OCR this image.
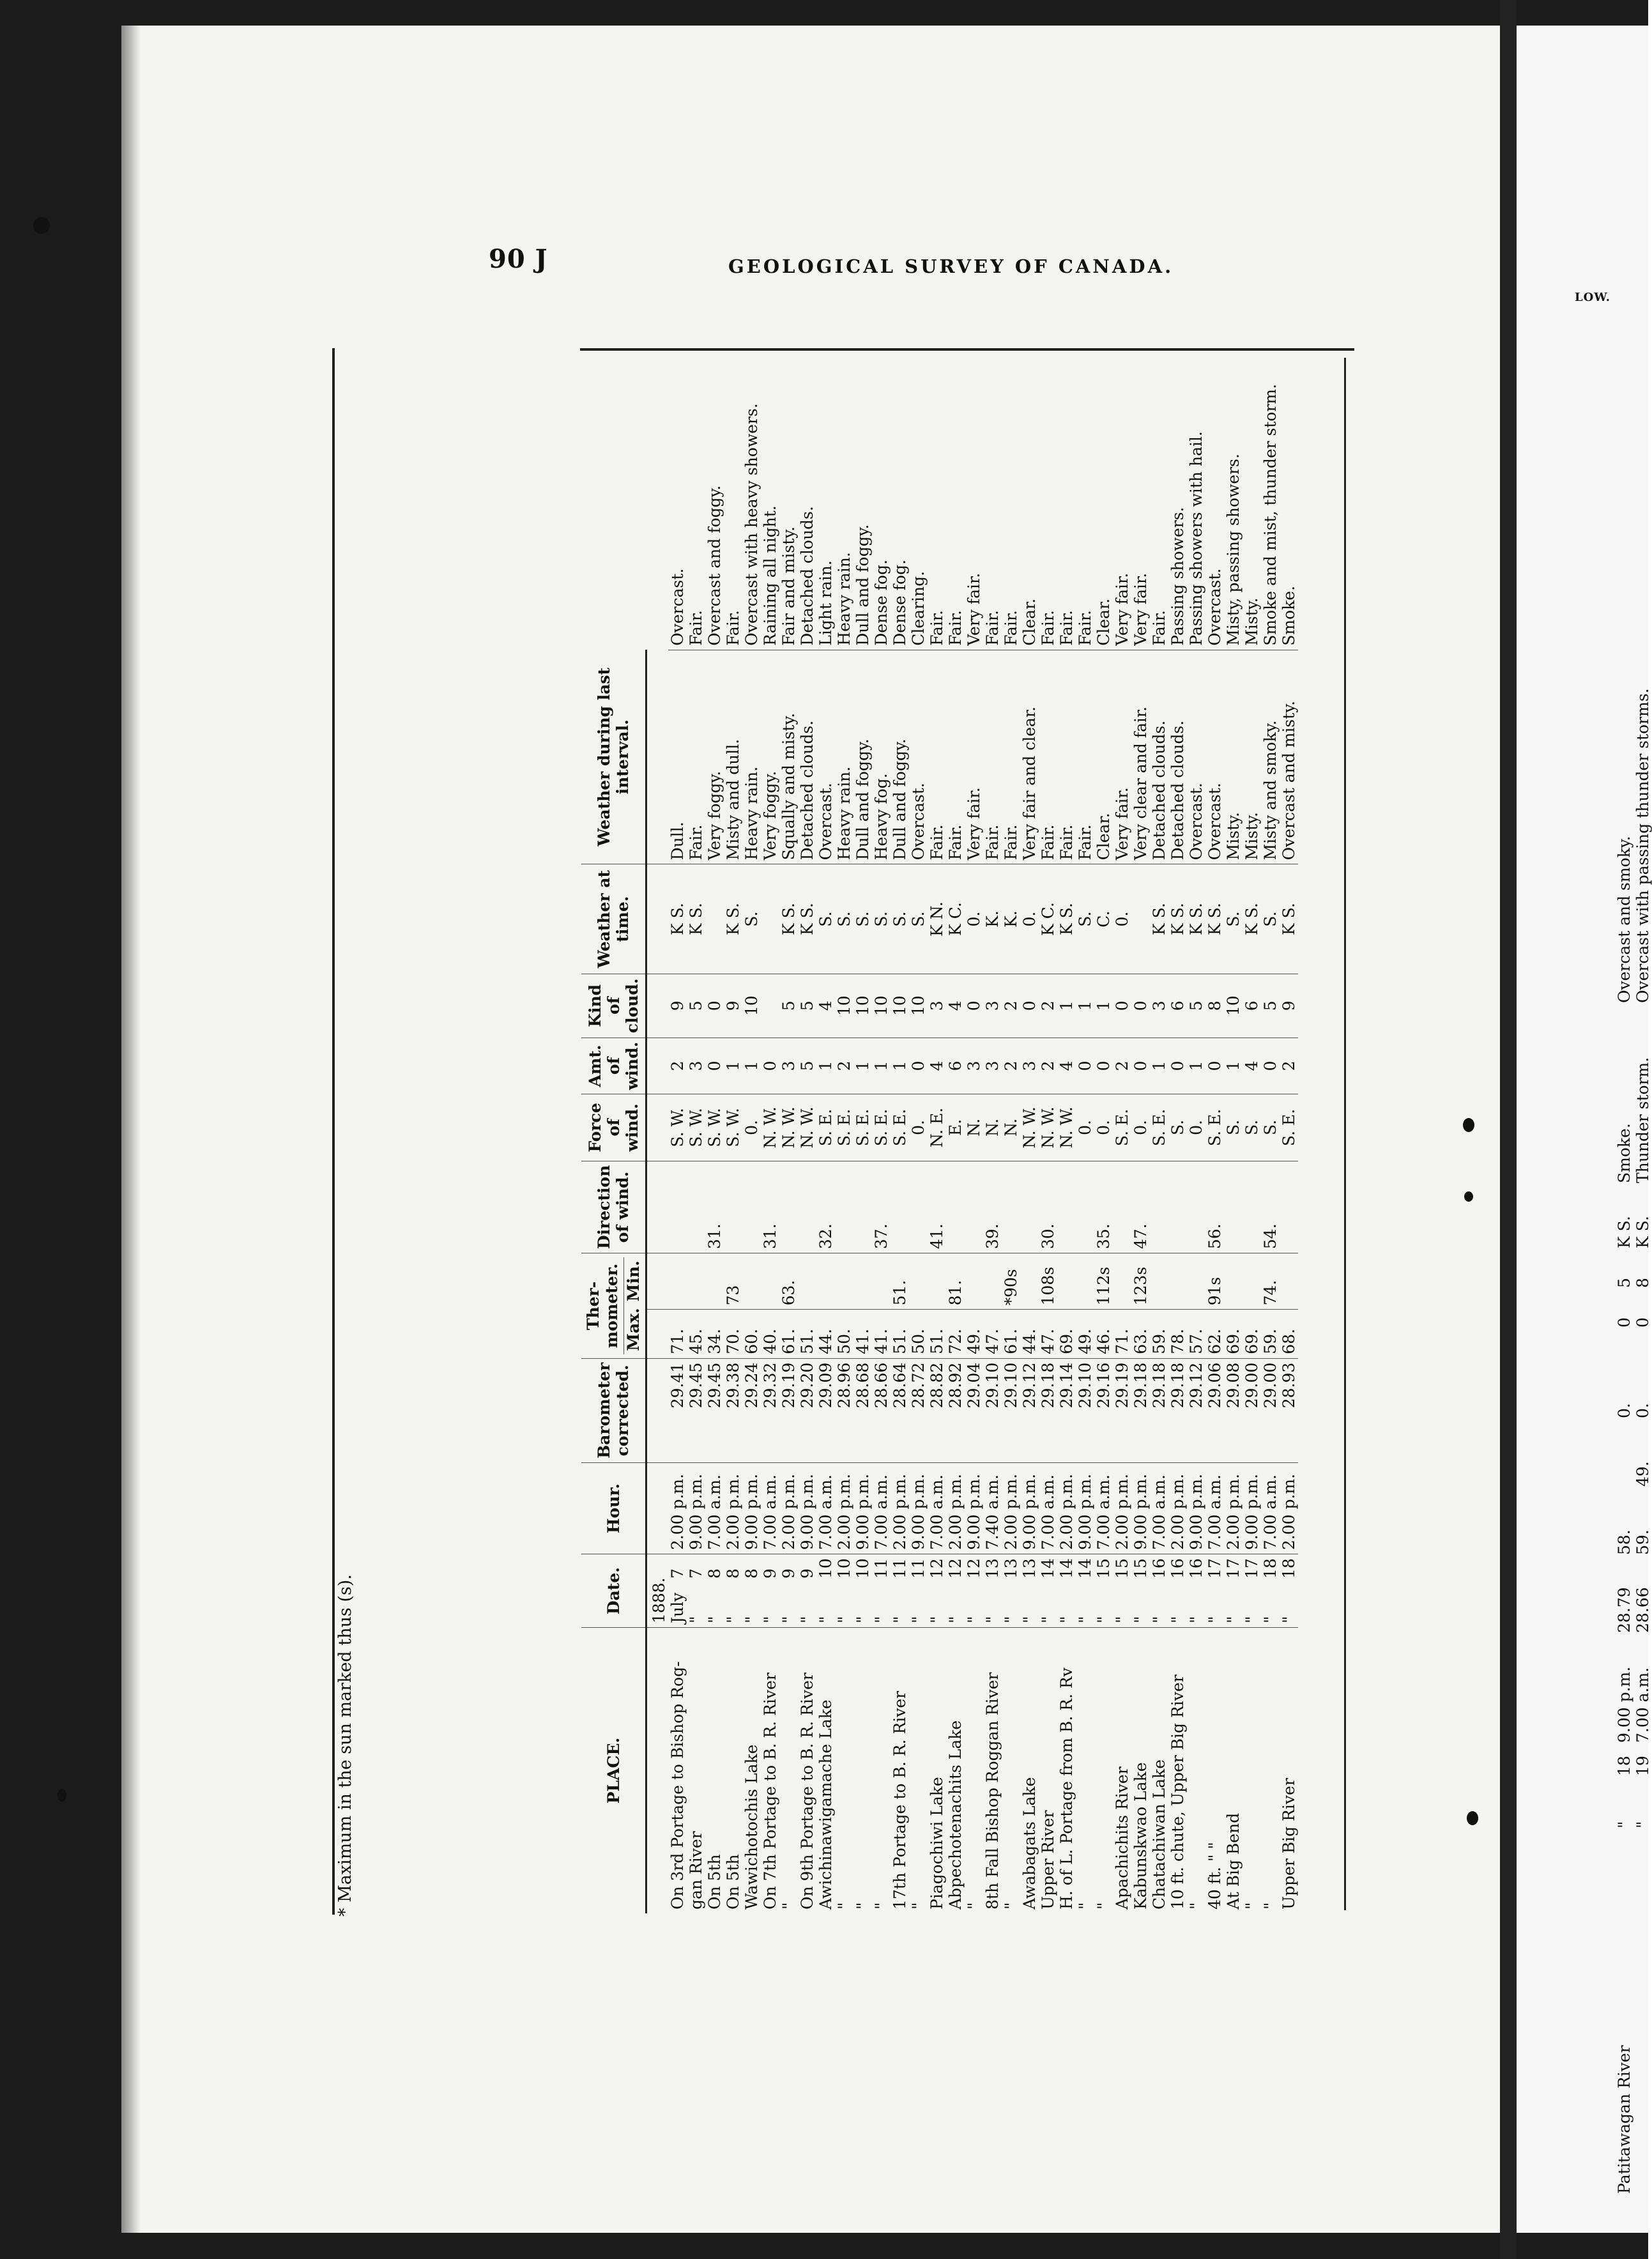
90 J	GEOLOGICAL SURVEY OF CANADA.
* Maximum in the sun marked thus (s).	PLACE.	Date.	Hour.	Barometer corrected.	Ther- mometer. Max.
Min.		Direction of wind.	Force of wind.	Amt. of wind.	Kind of cloud.	Weather at time.	Weather during last interval.	
	1888.											
On 3rd Portage to Bishop Rog-	July7	2.00 p.m.	29.41	71.			S. W.	2	9	K S.	Dull.	Overcast.
gan River	"7	9.00 p.m.	29.45	45.			S. W.	3	5	K S.	Fair.	Fair.
On 5th	"8	7.00 a.m.	29.45	34.		31.	S. W.	0	0		Very foggy.	Overcast and foggy.
On 5th	"8	2.00 p.m.	29.38	70.	73		S. W.	1	9	K S.	Misty and dull.	Fair.
Wawichotochis Lake	"8	9.00 p.m.	29.24	60.			0.	1	10	S.	Heavy rain.	Overcast with heavy showers.
On 7th Portage to B. R. River	"9	7.00 a.m.	29.32	40.		31.	N. W.	0			Very foggy.	Raining all night.
"	"9	2.00 p.m.	29.19	61.	63.		N. W.	3	5	K S.	Squally and misty.	Fair and misty.
On 9th Portage to B. R. River	"9	9.00 p.m.	29.20	51.			N. W.	5	5	K S.	Detached clouds.	Detached clouds.
Awichinawigamache Lake	"10	7.00 a.m.	29.09	44.		32.	S. E.	1	4	S.	Overcast.	Light rain.
"	"10	2.00 p.m.	28.96	50.			S. E.	2	10	S.	Heavy rain.	Heavy rain.
"	"10	9.00 p.m.	28.68	41.			S. E.	1	10	S.	Dull and foggy.	Dull and foggy.
"	"11	7.00 a.m.	28.66	41.		37.	S. E.	1	10	S.	Heavy fog.	Dense fog.
17th Portage to B. R. River	"11	2.00 p.m.	28.64	51.	51.		S. E.	1	10	S.	Dull and foggy.	Dense fog.
"	"11	9.00 p.m.	28.72	50.			0.	0	10	S.	Overcast.	Clearing.
Piagochiwi Lake	"12	7.00 a.m.	28.82	51.		41.	N. E.	4	3	K N.	Fair.	Fair.
Abpechotenachits Lake	"12	2.00 p.m.	28.92	72.	81.		E.	6	4	K C.	Fair.	Fair.
"	"12	9.00 p.m.	29.04	49.			N.	3	0	0.	Very fair.	Very fair.
8th Fall Bishop Roggan River	"13	7.40 a.m.	29.10	47.		39.	N.	3	3	K.	Fair.	Fair.
"	"13	2.00 p.m.	29.10	61.	*90s		N.	2	2	K.	Fair.	Fair.
Awabagats Lake	"13	9.00 p.m.	29.12	44.			N. W.	3	0	0.	Very fair and clear.	Clear.
Upper River	"14	7.00 a.m.	29.18	47.	108s	30.	N. W.	2	2	K C.	Fair.	Fair.
H. of L. Portage from B. R. Rv	"14	2.00 p.m.	29.14	69.			N. W.	4	1	K S.	Fair.	Fair.
"	"14	9.00 p.m.	29.10	49.			0.	0	1	S.	Fair.	Fair.
"	"15	7.00 a.m.	29.16	46.	112s	35.	0.	0	1	C.	Clear.	Clear.
Apachichits River	"15	2.00 p.m.	29.19	71.			S. E.	2	0	0.	Very fair.	Very fair.
Kabunskwao Lake	"15	9.00 p.m.	29.18	63.	123s	47.	0.	0	0		Very clear and fair.	Very fair.
Chatachiwan Lake	"16	7.00 a.m.	29.18	59.			S. E.	1	3	K S.	Detached clouds.	Fair.
10 ft. chute, Upper Big River	"16	2.00 p.m.	29.18	78.			S.	0	6	K S.	Detached clouds.	Passing showers.
"	"16	9.00 p.m.	29.12	57.			0.	1	5	K S.	Overcast.	Passing showers with hail.
40 ft. " "	"17	7.00 a.m.	29.06	62.	91s	56.	S. E.	0	8	K S.	Overcast.	Overcast.
At Big Bend	"17	2.00 p.m.	29.08	69.			S.	1	10	S.	Misty.	Misty, passing showers.
"	"17	9.00 p.m.	29.00	69.			S.	4	6	K S.	Misty.	Misty.
"	"18	7.00 a.m.	29.00	59.	74.	54.	S.	0	5	S.	Misty and smoky.	Smoke and mist, thunder storm.
Upper Big River	"18	2.00 p.m.	28.93	68.			S. E.	2	9	K S.	Overcast and misty.	Smoke.
LOW.
Patitawagan River	"	18	9.00 p.m.	28.79	58.		0.	0	5	K S.	Smoke.	Overcast and smoky.
	"	19	7.00 a.m.	28.66	59.	49.	0.	0	8	K S.	Thunder storm.	Overcast with passing thunder storms.
